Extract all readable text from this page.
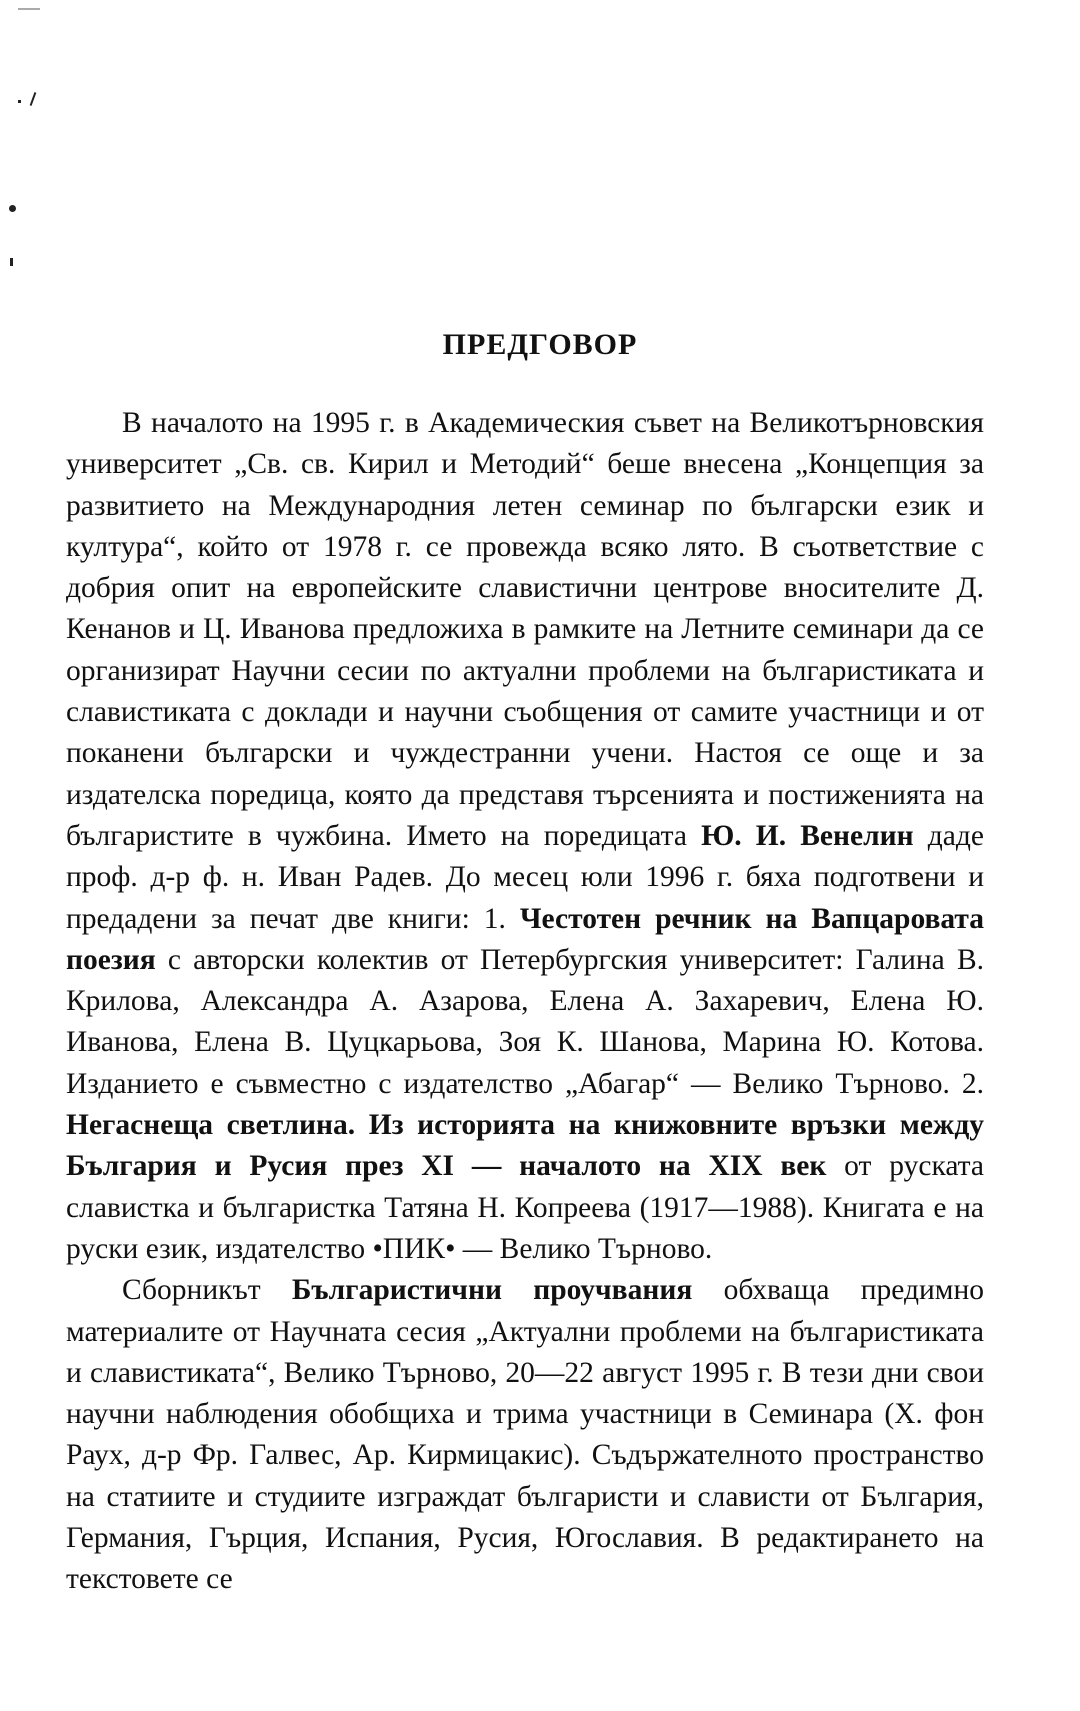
ПРЕДГОВОР

В началото на 1995 г. в Академическия съвет на Великотърновския университет „Св. св. Кирил и Методий“ беше внесена „Концепция за развитието на Международния летен семинар по български език и култура“, който от 1978 г. се провежда всяко лято. В съответствие с добрия опит на европейските славистични центрове вносителите Д. Кенанов и Ц. Иванова предложиха в рамките на Летните семинари да се организират Научни сесии по актуални проблеми на българистиката и славистиката с доклади и научни съобщения от самите участници и от поканени български и чуждестранни учени. Настоя се още и за издателска поредица, която да представя търсенията и постиженията на българистите в чужбина. Името на поредицата Ю. И. Венелин даде проф. д-р ф. н. Иван Радев. До месец юли 1996 г. бяха подготвени и предадени за печат две книги: 1. Честотен речник на Вапцаровата поезия с авторски колектив от Петербургския университет: Галина В. Крилова, Александра А. Азарова, Елена А. Захаревич, Елена Ю. Иванова, Елена В. Цуцкарьова, Зоя К. Шанова, Марина Ю. Котова. Изданието е съвместно с издателство „Абагар“ — Велико Търново. 2. Негаснеща светлина. Из историята на книжовните връзки между България и Русия през XI — началото на XIX век от руската славистка и българистка Татяна Н. Копреева (1917—1988). Книгата е на руски език, издателство •ПИК• — Велико Търново.

Сборникът Българистични проучвания обхваща предимно материалите от Научната сесия „Актуални проблеми на българистиката и славистиката“, Велико Търново, 20—22 август 1995 г. В тези дни свои научни наблюдения обобщиха и трима участници в Семинара (Х. фон Раух, д-р Фр. Галвес, Ар. Кирмицакис). Съдържателното пространство на статиите и студиите изграждат българисти и слависти от България, Германия, Гърция, Испания, Русия, Югославия. В редактирането на текстовете се
